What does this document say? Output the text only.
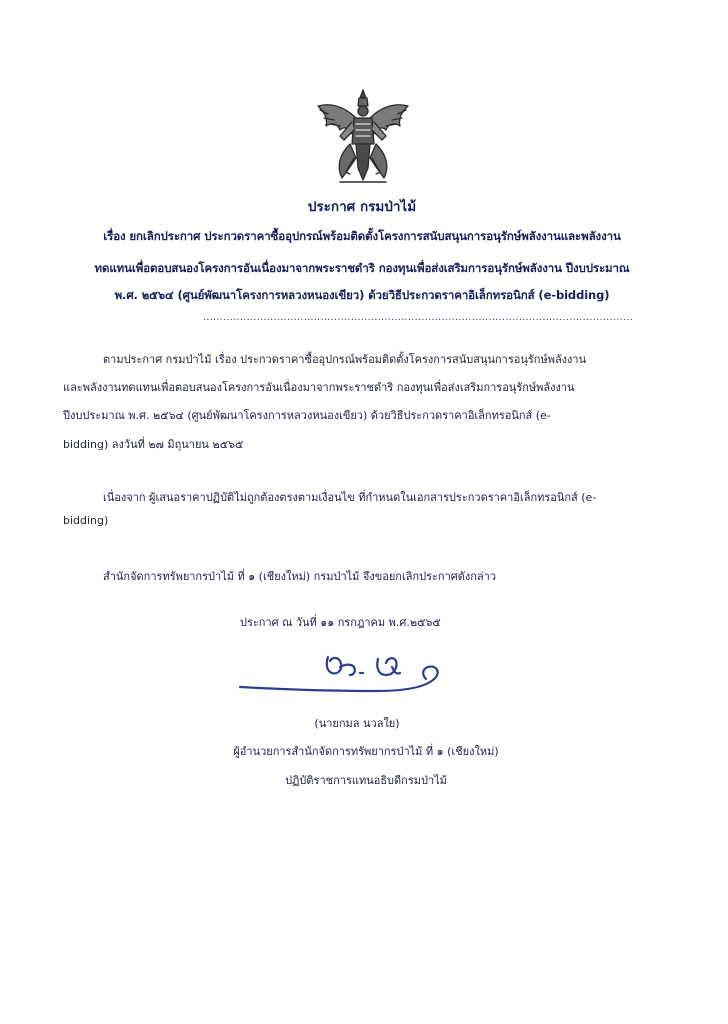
ประกาศ กรมป่าไม้
เรื่อง ยกเลิกประกาศ ประกวดราคาซื้ออุปกรณ์พร้อมติดตั้งโครงการสนับสนุนการอนุรักษ์พลังงานและพลังงาน
ทดแทนเพื่อตอบสนองโครงการอันเนื่องมาจากพระราชดำริ กองทุนเพื่อส่งเสริมการอนุรักษ์พลังงาน ปีงบประมาณ
พ.ศ. ๒๕๖๔ (ศูนย์พัฒนาโครงการหลวงหนองเขียว) ด้วยวิธีประกวดราคาอิเล็กทรอนิกส์ (e-bidding)
................................................................................................................................
ตามประกาศ กรมป่าไม้ เรื่อง ประกวดราคาซื้ออุปกรณ์พร้อมติดตั้งโครงการสนับสนุนการอนุรักษ์พลังงาน
และพลังงานทดแทนเพื่อตอบสนองโครงการอันเนื่องมาจากพระราชดำริ กองทุนเพื่อส่งเสริมการอนุรักษ์พลังงาน
ปีงบประมาณ พ.ศ. ๒๕๖๔ (ศูนย์พัฒนาโครงการหลวงหนองเขียว) ด้วยวิธีประกวดราคาอิเล็กทรอนิกส์ (e-
bidding) ลงวันที่ ๒๗ มิถุนายน ๒๕๖๕
เนื่องจาก ผู้เสนอราคาปฏิบัติไม่ถูกต้องตรงตามเงื่อนไข ที่กำหนดในเอกสารประกวดราคาอิเล็กทรอนิกส์ (e-
bidding)
สำนักจัดการทรัพยากรป่าไม้ ที่ ๑ (เชียงใหม่) กรมป่าไม้ จึงขอยกเลิกประกาศดังกล่าว
ประกาศ ณ วันที่ ๑๑ กรกฎาคม พ.ศ.๒๕๖๕
(นายกมล นวลใย)
ผู้อำนวยการสำนักจัดการทรัพยากรป่าไม้ ที่ ๑ (เชียงใหม่)
ปฏิบัติราชการแทนอธิบดีกรมป่าไม้
